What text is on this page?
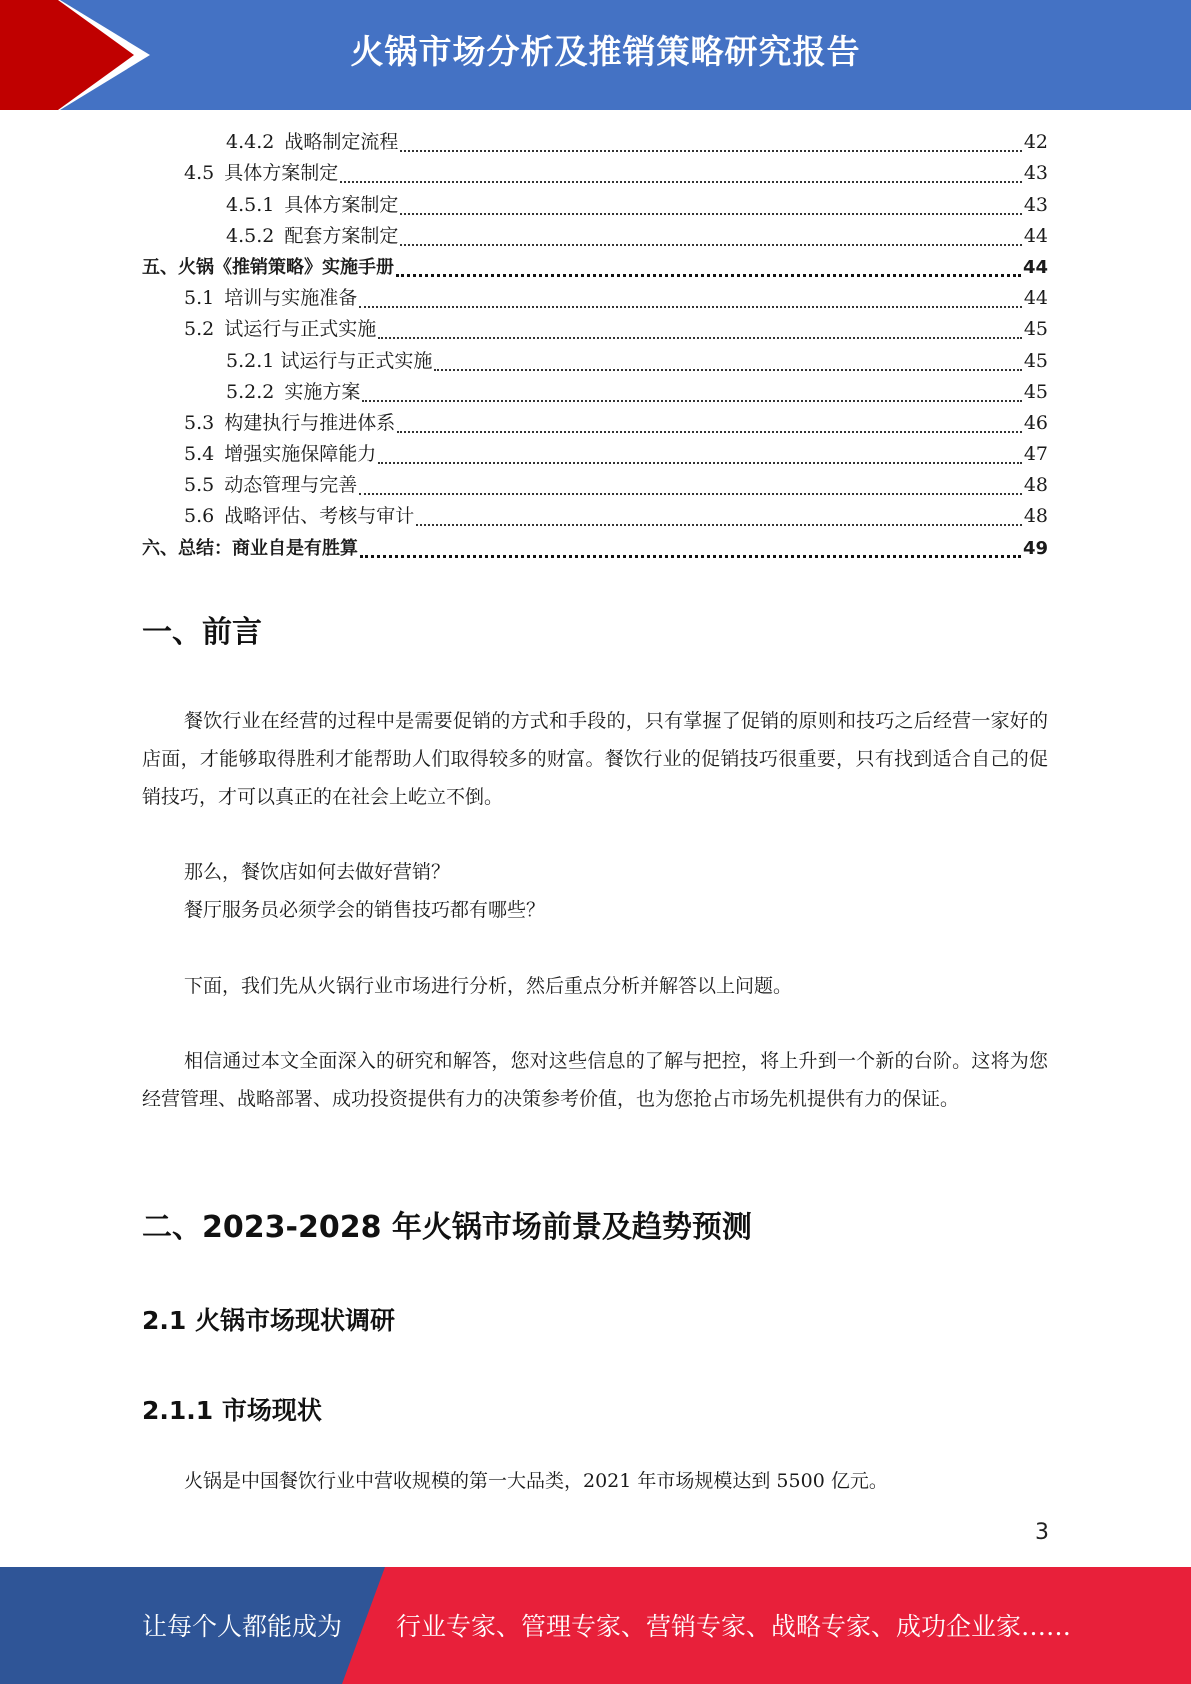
火锅市场分析及推销策略研究报告
4.4.2 战略制定流程	42
4.5 具体方案制定	43
4.5.1 具体方案制定	43
4.5.2 配套方案制定	44
五、火锅《推销策略》实施手册	44
5.1 培训与实施准备	44
5.2 试运行与正式实施	45
5.2.1 试运行与正式实施	45
5.2.2 实施方案	45
5.3 构建执行与推进体系	46
5.4 增强实施保障能力	47
5.5 动态管理与完善	48
5.6 战略评估、考核与审计	48
六、总结：商业自是有胜算	49
一、前言

餐饮行业在经营的过程中是需要促销的方式和手段的，只有掌握了促销的原则和技巧之后经营一家好的店面，才能够取得胜利才能帮助人们取得较多的财富。餐饮行业的促销技巧很重要，只有找到适合自己的促销技巧，才可以真正的在社会上屹立不倒。

那么，餐饮店如何去做好营销？

餐厅服务员必须学会的销售技巧都有哪些？

下面，我们先从火锅行业市场进行分析，然后重点分析并解答以上问题。

相信通过本文全面深入的研究和解答，您对这些信息的了解与把控，将上升到一个新的台阶。这将为您经营管理、战略部署、成功投资提供有力的决策参考价值，也为您抢占市场先机提供有力的保证。

二、2023-2028 年火锅市场前景及趋势预测
2.1 火锅市场现状调研
2.1.1 市场现状

火锅是中国餐饮行业中营收规模的第一大品类，2021 年市场规模达到 5500 亿元。

3
让每个人都能成为 行业专家、管理专家、营销专家、战略专家、成功企业家……
